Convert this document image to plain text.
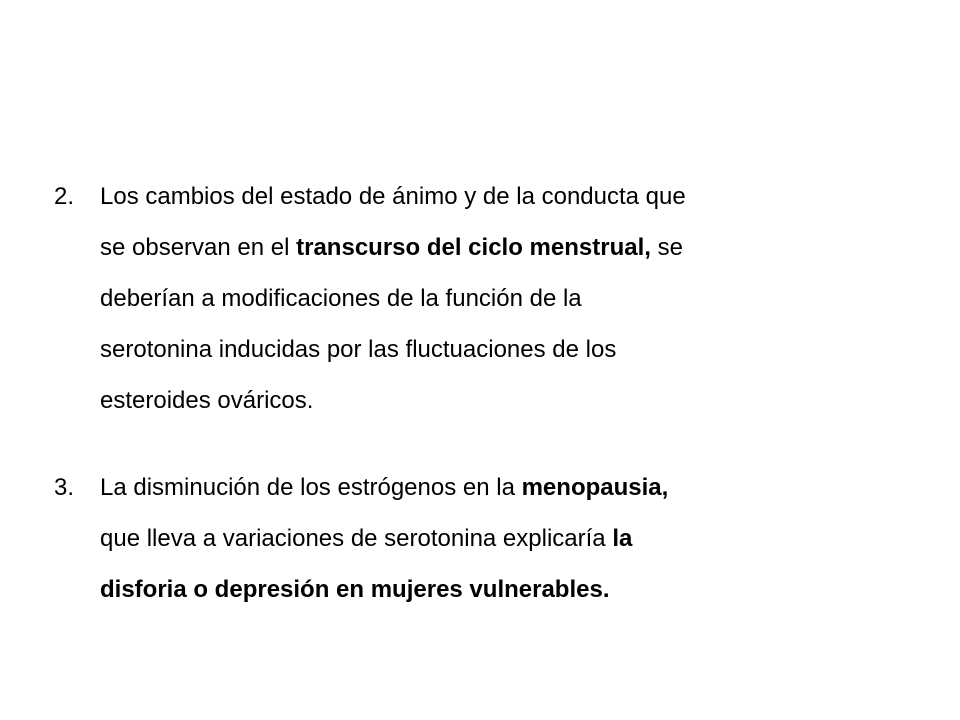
2.	Los cambios del estado de ánimo y de la conducta que
se observan en el transcurso del ciclo menstrual, se
deberían a modificaciones de la función de la
serotonina inducidas por las fluctuaciones de los
esteroides ováricos.
3.	La disminución de los estrógenos en la menopausia,
que lleva a variaciones de serotonina explicaría la
disforia o depresión en mujeres vulnerables.
